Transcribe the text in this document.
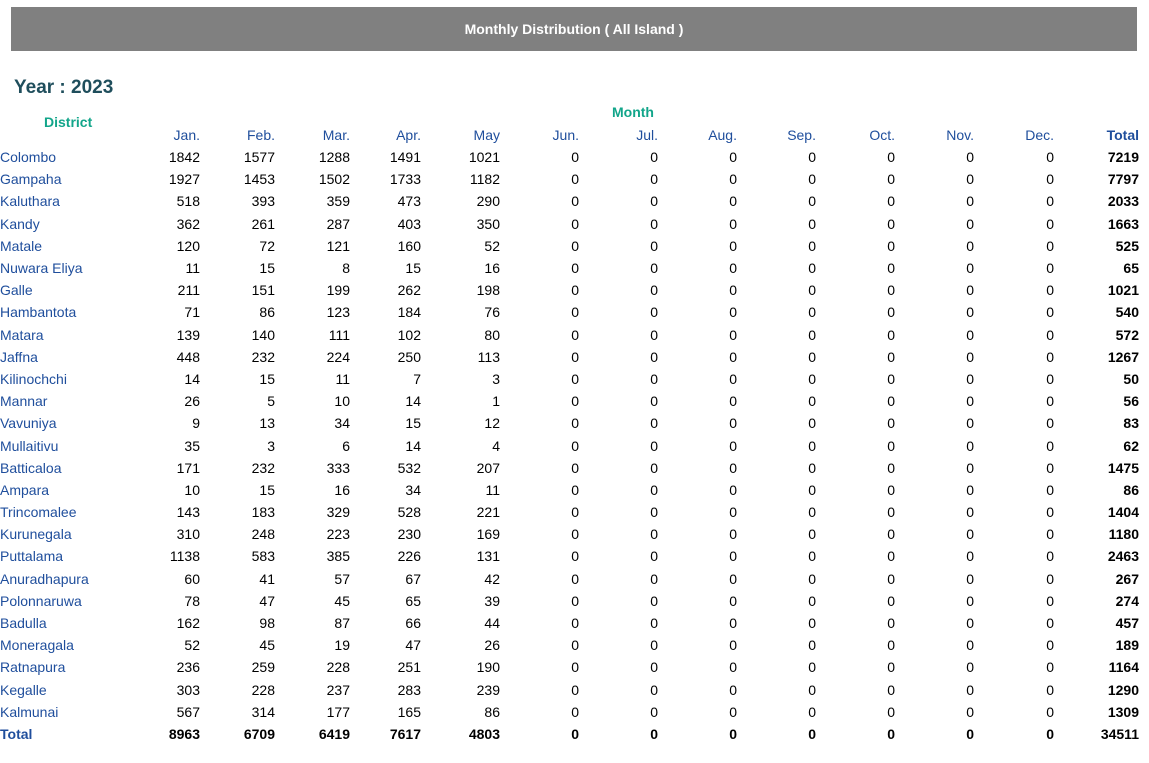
Monthly Distribution ( All Island )
Year : 2023
Month
District
	Jan.	Feb.	Mar.	Apr.	May	Jun.	Jul.	Aug.	Sep.	Oct.	Nov.	Dec.	Total
Colombo	1842	1577	1288	1491	1021	0	0	0	0	0	0	0	7219
Gampaha	1927	1453	1502	1733	1182	0	0	0	0	0	0	0	7797
Kaluthara	518	393	359	473	290	0	0	0	0	0	0	0	2033
Kandy	362	261	287	403	350	0	0	0	0	0	0	0	1663
Matale	120	72	121	160	52	0	0	0	0	0	0	0	525
Nuwara Eliya	11	15	8	15	16	0	0	0	0	0	0	0	65
Galle	211	151	199	262	198	0	0	0	0	0	0	0	1021
Hambantota	71	86	123	184	76	0	0	0	0	0	0	0	540
Matara	139	140	111	102	80	0	0	0	0	0	0	0	572
Jaffna	448	232	224	250	113	0	0	0	0	0	0	0	1267
Kilinochchi	14	15	11	7	3	0	0	0	0	0	0	0	50
Mannar	26	5	10	14	1	0	0	0	0	0	0	0	56
Vavuniya	9	13	34	15	12	0	0	0	0	0	0	0	83
Mullaitivu	35	3	6	14	4	0	0	0	0	0	0	0	62
Batticaloa	171	232	333	532	207	0	0	0	0	0	0	0	1475
Ampara	10	15	16	34	11	0	0	0	0	0	0	0	86
Trincomalee	143	183	329	528	221	0	0	0	0	0	0	0	1404
Kurunegala	310	248	223	230	169	0	0	0	0	0	0	0	1180
Puttalama	1138	583	385	226	131	0	0	0	0	0	0	0	2463
Anuradhapura	60	41	57	67	42	0	0	0	0	0	0	0	267
Polonnaruwa	78	47	45	65	39	0	0	0	0	0	0	0	274
Badulla	162	98	87	66	44	0	0	0	0	0	0	0	457
Moneragala	52	45	19	47	26	0	0	0	0	0	0	0	189
Ratnapura	236	259	228	251	190	0	0	0	0	0	0	0	1164
Kegalle	303	228	237	283	239	0	0	0	0	0	0	0	1290
Kalmunai	567	314	177	165	86	0	0	0	0	0	0	0	1309
Total	8963	6709	6419	7617	4803	0	0	0	0	0	0	0	34511
